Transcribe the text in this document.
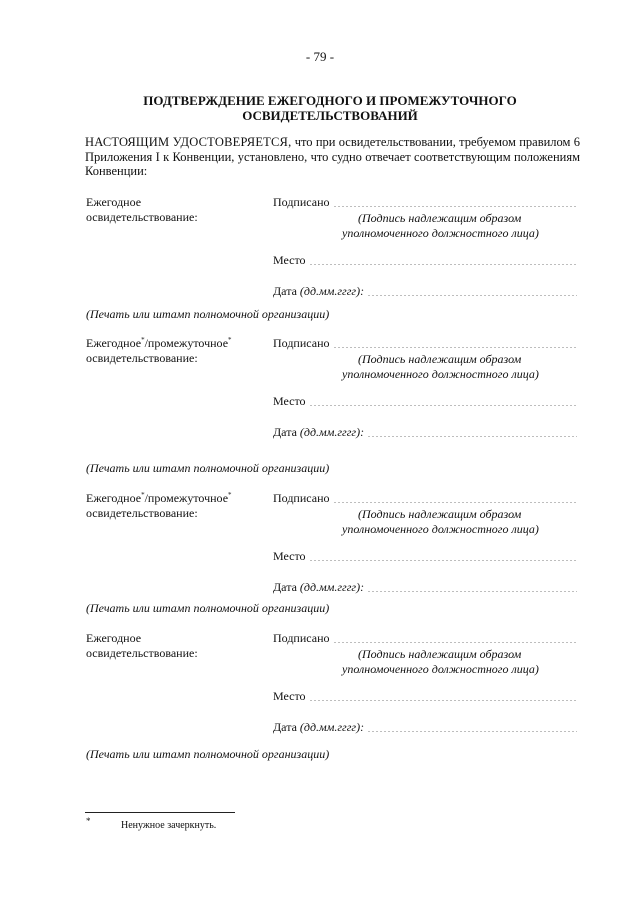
- 79 -
ПОДТВЕРЖДЕНИЕ ЕЖЕГОДНОГО И ПРОМЕЖУТОЧНОГО
ОСВИДЕТЕЛЬСТВОВАНИЙ
НАСТОЯЩИМ УДОСТОВЕРЯЕТСЯ, что при освидетельствовании, требуемом правилом 6 Приложения I к Конвенции, установлено, что судно отвечает соответствующим положениям Конвенции:
Ежегодное
освидетельствование:
Подписано
(Подпись надлежащим образом
уполномоченного должностного лица)
Место
Дата
(дд.мм.гггг):
(Печать или штамп полномочной организации)
Ежегодное*/промежуточное*
освидетельствование:
Подписано
(Подпись надлежащим образом
уполномоченного должностного лица)
Место
Дата
(дд.мм.гггг):
(Печать или штамп полномочной организации)
Ежегодное*/промежуточное*
освидетельствование:
Подписано
(Подпись надлежащим образом
уполномоченного должностного лица)
Место
Дата
(дд.мм.гггг):
(Печать или штамп полномочной организации)
Ежегодное
освидетельствование:
Подписано
(Подпись надлежащим образом
уполномоченного должностного лица)
Место
Дата
(дд.мм.гггг):
(Печать или штамп полномочной организации)
*	Ненужное зачеркнуть.
